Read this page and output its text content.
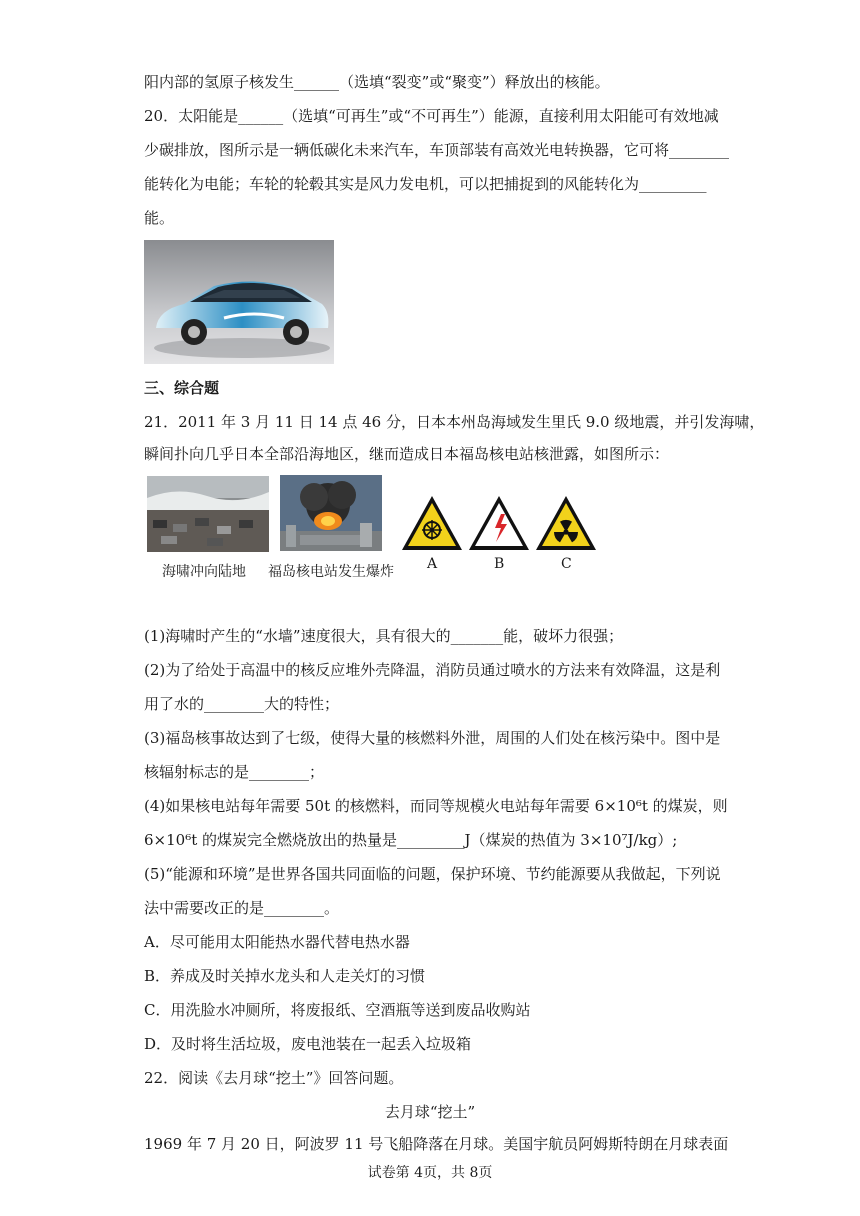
阳内部的氢原子核发生______（选填“裂变”或“聚变”）释放出的核能。
20．太阳能是______（选填“可再生”或“不可再生”）能源，直接利用太阳能可有效地减
少碳排放，图所示是一辆低碳化未来汽车，车顶部装有高效光电转换器，它可将________
能转化为电能；车轮的轮毂其实是风力发电机，可以把捕捉到的风能转化为_________
能。
三、综合题
21．2011 年 3 月 11 日 14 点 46 分，日本本州岛海域发生里氏 9.0 级地震，并引发海啸，
瞬间扑向几乎日本全部沿海地区，继而造成日本福岛核电站核泄露，如图所示：
海啸冲向陆地 福岛核电站发生爆炸 A	B	C
(1)海啸时产生的“水墙”速度很大，具有很大的_______能，破坏力很强；
(2)为了给处于高温中的核反应堆外壳降温，消防员通过喷水的方法来有效降温，这是利
用了水的________大的特性；
(3)福岛核事故达到了七级，使得大量的核燃料外泄，周围的人们处在核污染中。图中是
核辐射标志的是________；
(4)如果核电站每年需要 50t 的核燃料，而同等规模火电站每年需要 6×10⁶t 的煤炭，则
6×10⁶t 的煤炭完全燃烧放出的热量是_________J（煤炭的热值为 3×10⁷J/kg）;
(5)“能源和环境”是世界各国共同面临的问题，保护环境、节约能源要从我做起，下列说
法中需要改正的是________。
A．尽可能用太阳能热水器代替电热水器
B．养成及时关掉水龙头和人走关灯的习惯
C．用洗脸水冲厕所，将废报纸、空酒瓶等送到废品收购站
D．及时将生活垃圾，废电池装在一起丢入垃圾箱
22．阅读《去月球“挖土”》回答问题。
去月球“挖土”
1969 年 7 月 20 日，阿波罗 11 号飞船降落在月球。美国宇航员阿姆斯特朗在月球表面
试卷第 4页，共 8页
